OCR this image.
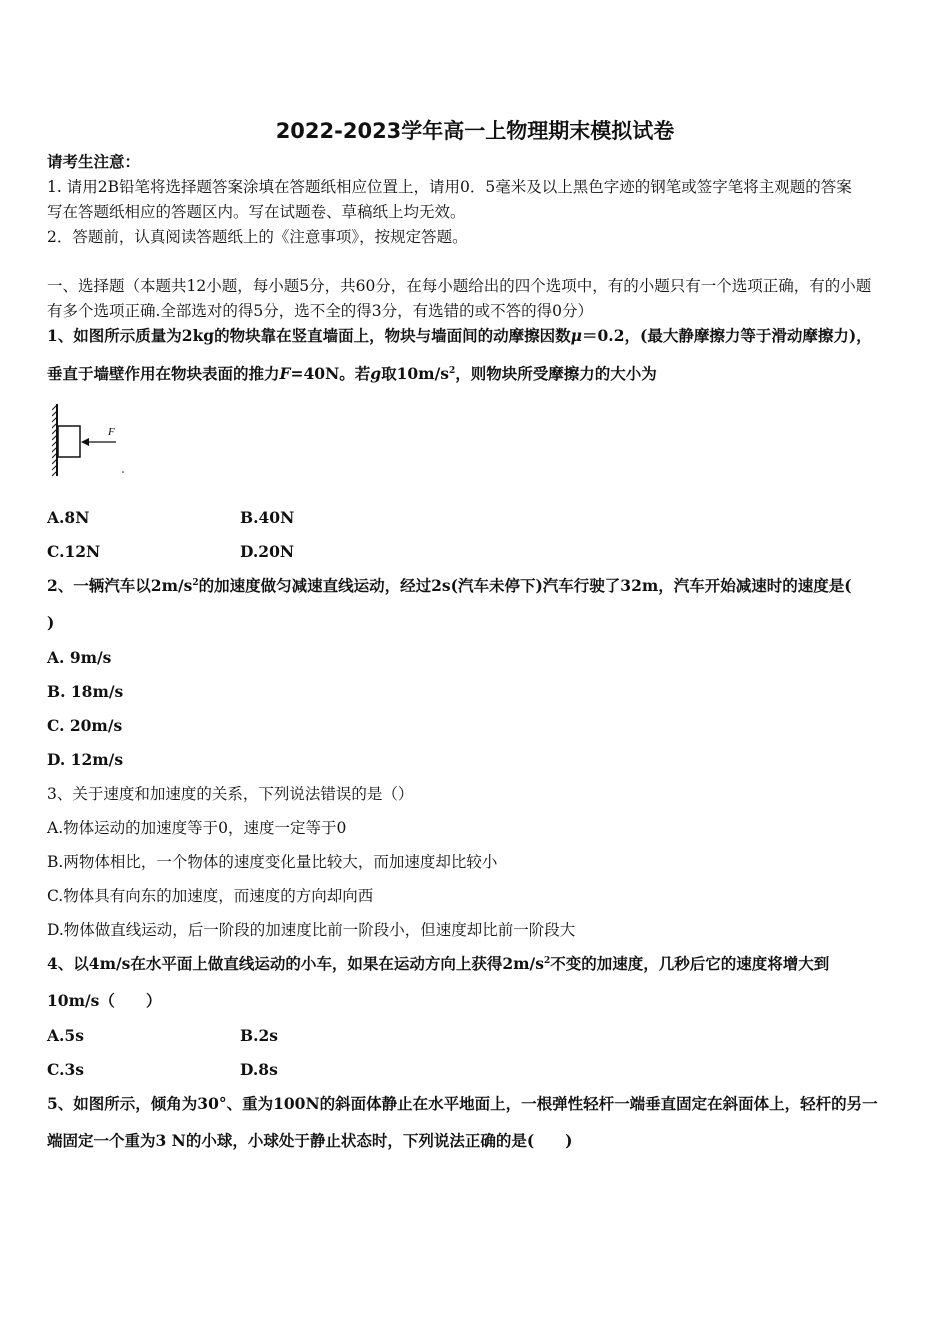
2022-2023学年高一上物理期末模拟试卷
请考生注意：
1. 请用2B铅笔将选择题答案涂填在答题纸相应位置上，请用0．5毫米及以上黑色字迹的钢笔或签字笔将主观题的答案
写在答题纸相应的答题区内。写在试题卷、草稿纸上均无效。
2．答题前，认真阅读答题纸上的《注意事项》，按规定答题。
一、选择题（本题共12小题，每小题5分，共60分，在每小题给出的四个选项中，有的小题只有一个选项正确，有的小题
有多个选项正确.全部选对的得5分，选不全的得3分，有选错的或不答的得0分）
1、如图所示质量为2kg的物块靠在竖直墙面上，物块与墙面间的动摩擦因数μ＝0.2，(最大静摩擦力等于滑动摩擦力)，
垂直于墙壁作用在物块表面的推力F=40N。若g取$10m/s^2$，则物块所受摩擦力的大小为
F
A.8N	B.40N
C.12N	D.20N
2、一辆汽车以$2m/s^2$的加速度做匀减速直线运动，经过2s(汽车未停下)汽车行驶了32m，汽车开始减速时的速度是(
)
A. 9m/s
B. 18m/s
C. 20m/s
D. 12m/s
3、关于速度和加速度的关系，下列说法错误的是（）
A.物体运动的加速度等于0，速度一定等于0
B.两物体相比，一个物体的速度变化量比较大，而加速度却比较小
C.物体具有向东的加速度，而速度的方向却向西
D.物体做直线运动，后一阶段的加速度比前一阶段小，但速度却比前一阶段大
4、以4m/s在水平面上做直线运动的小车，如果在运动方向上获得$2m/s^2$不变的加速度，几秒后它的速度将增大到
10m/s（　　）
A.5s	B.2s
C.3s	D.8s
5、如图所示，倾角为30°、重为100N的斜面体静止在水平地面上，一根弹性轻杆一端垂直固定在斜面体上，轻杆的另一
端固定一个重为3 N的小球，小球处于静止状态时，下列说法正确的是(　　)
